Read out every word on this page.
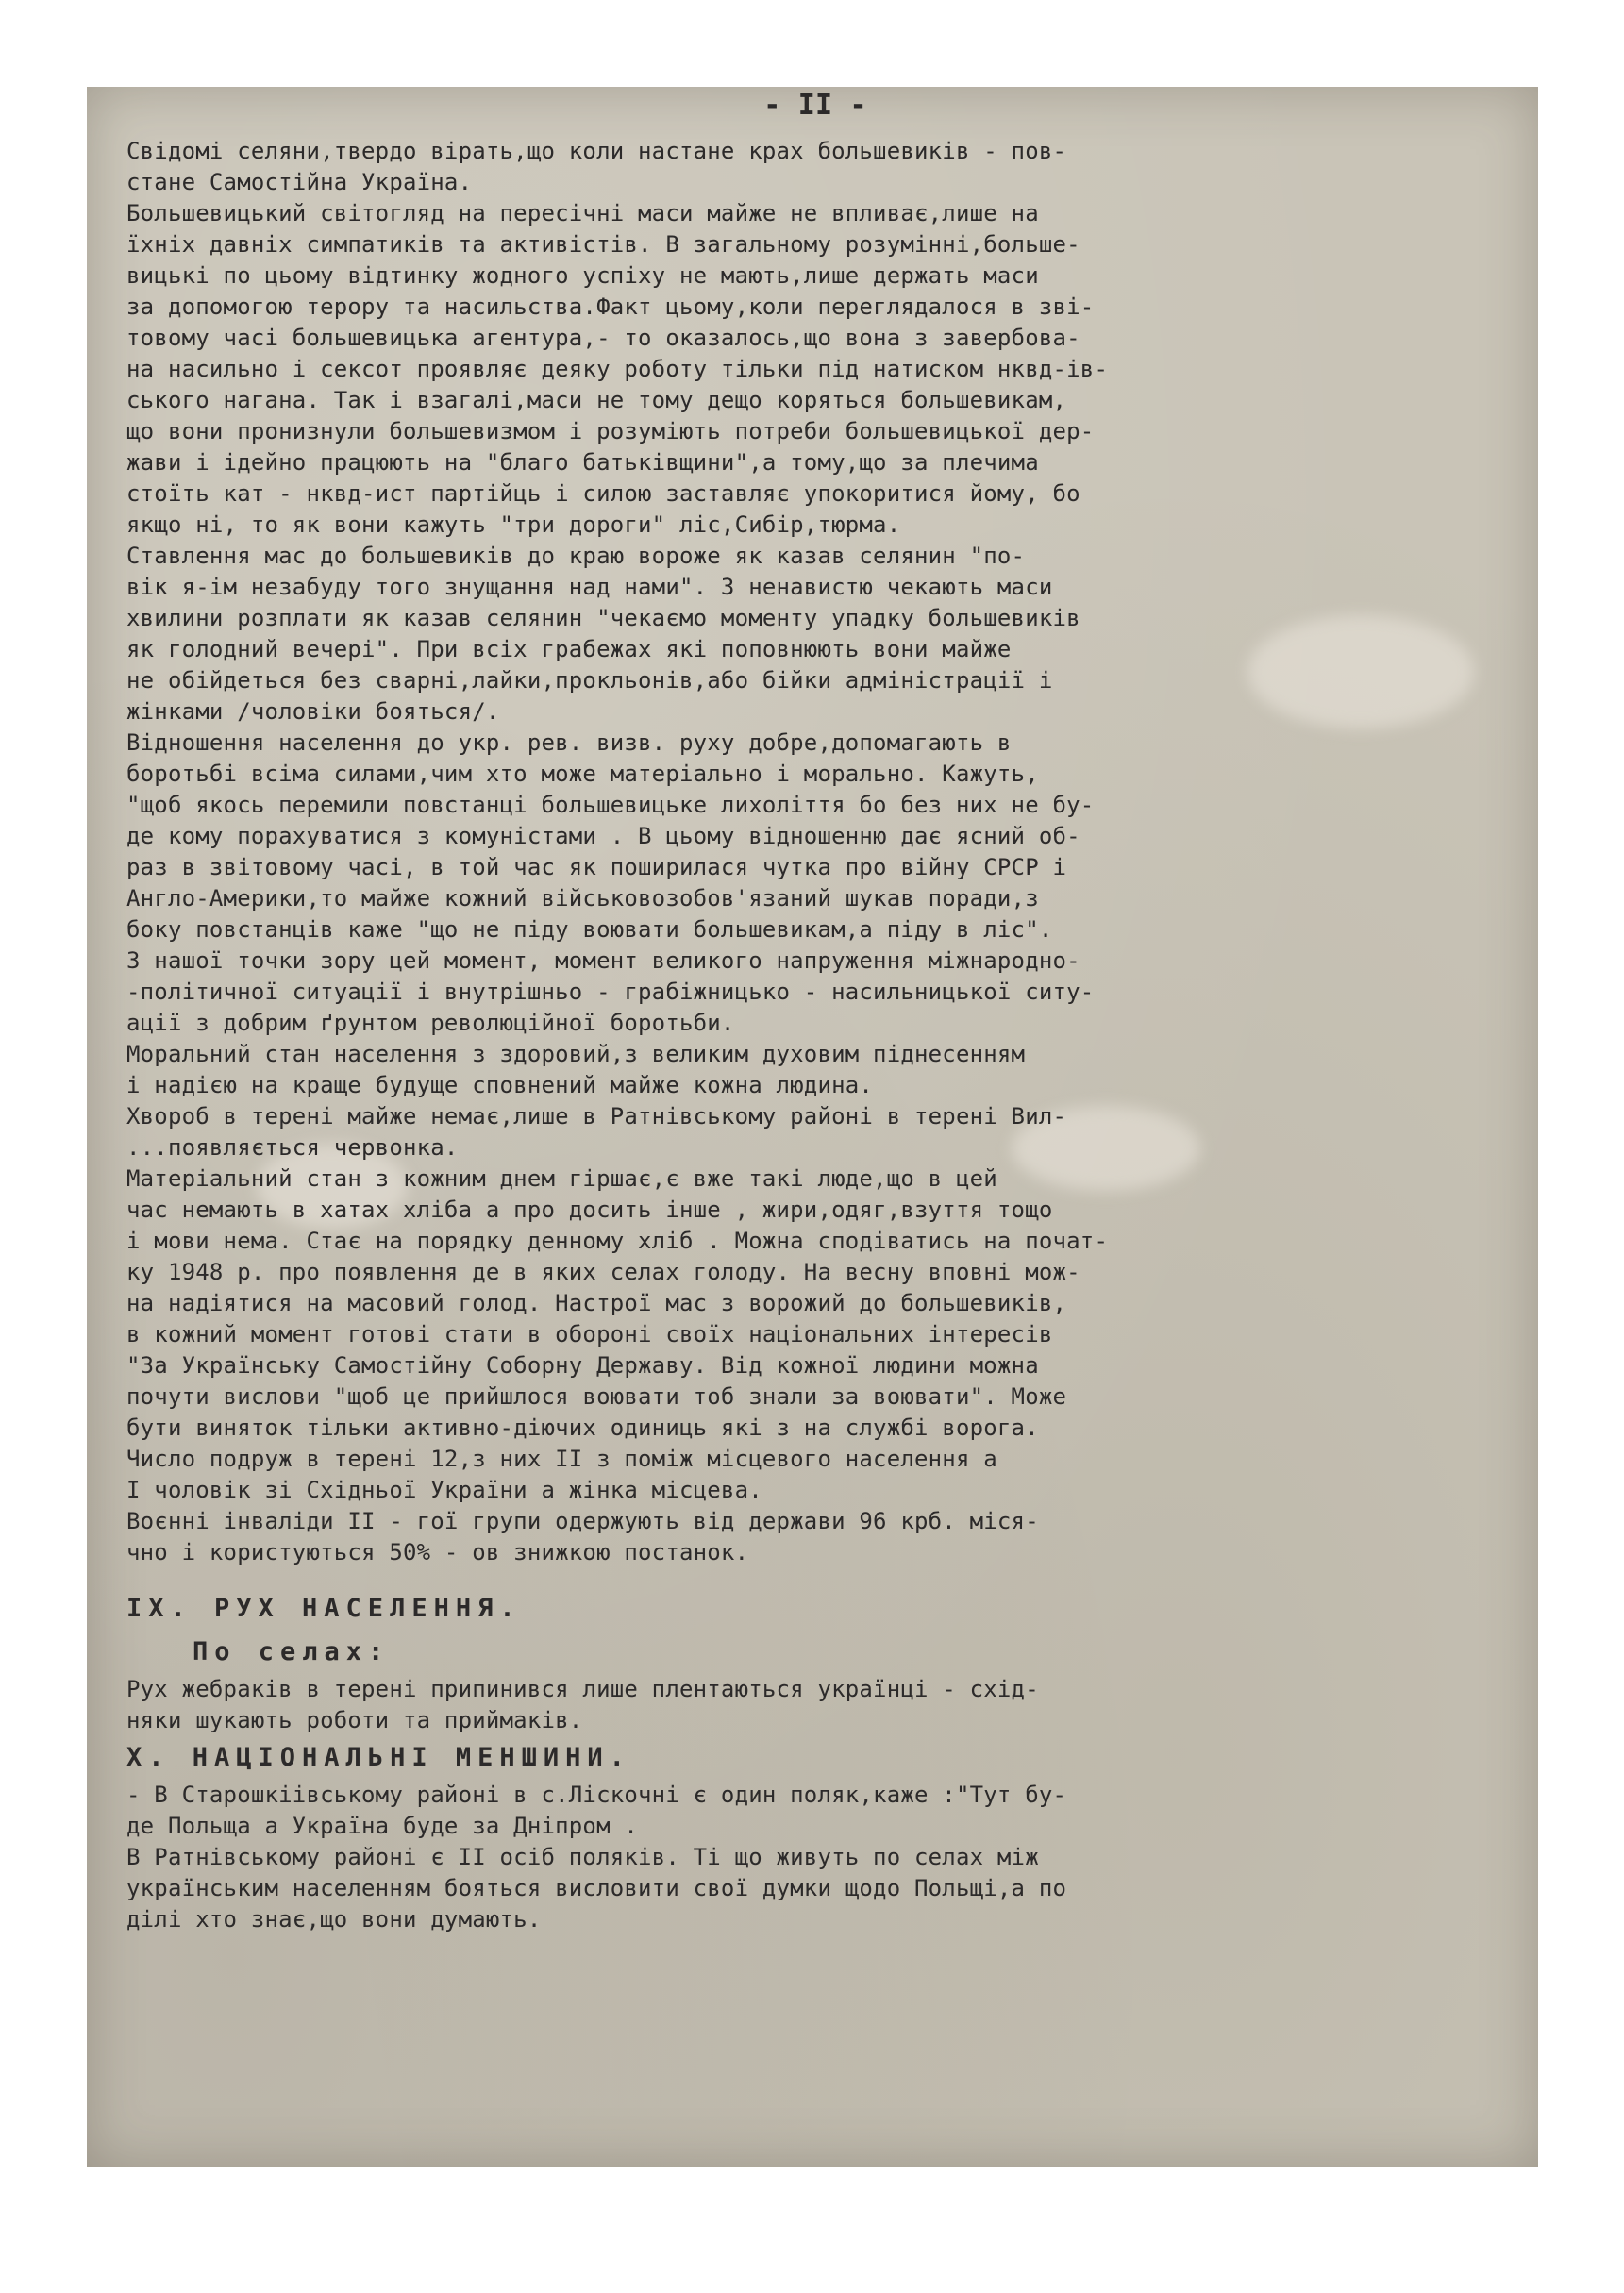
- II -
Свідомі селяни,твердо вірать,що коли настане крах большевиків - пов-
стане Самостійна Україна.
Большевицький світогляд на пересічні маси майже не впливає,лише на
їхніх давніх симпатиків та активістів. В загальному розумінні,больше-
вицькі по цьому відтинку жодного успіху не мають,лише держать маси
за допомогою терору та насильства.Факт цьому,коли переглядалося в зві-
товому часі большевицька агентура,- то оказалось,що вона з завербова-
на насильно і сексот проявляє деяку роботу тільки під натиском нквд-ів-
ського нагана. Так і взагалі,маси не тому дещо коряться большевикам,
що вони пронизнули большевизмом і розуміють потреби большевицької дер-
жави і ідейно працюють на "благо батьківщини",а тому,що за плечима
стоїть кат - нквд-ист партійць і силою заставляє упокоритися йому, бо
якщо ні, то як вони кажуть "три дороги" ліс,Сибір,тюрма.
Ставлення мас до большевиків до краю вороже як казав селянин "по-
вік я-ім незабуду того знущання над нами". З ненавистю чекають маси
хвилини розплати як казав селянин "чекаємо моменту упадку большевиків
як голодний вечері". При всіх грабежах які поповнюють вони майже
не обійдеться без сварні,лайки,прокльонів,або бійки адміністрації і
жінками /чоловіки бояться/.
Відношення населення до укр. рев. визв. руху добре,допомагають в
боротьбі всіма силами,чим хто може матеріально і морально. Кажуть,
"щоб якось перемили повстанці большевицьке лихоліття бо без них не бу-
де кому порахуватися з комуністами . В цьому відношенню дає ясний об-
раз в звітовому часі, в той час як поширилася чутка про війну СРСР і
Англо-Америки,то майже кожний військовозобов'язаний шукав поради,з
боку повстанців каже "що не піду воювати большевикам,а піду в ліс".
З нашої точки зору цей момент, момент великого напруження міжнародно-
-політичної ситуації і внутрішньо - грабіжницько - насильницької ситу-
ації з добрим ґрунтом революційної боротьби.
Моральний стан населення з здоровий,з великим духовим піднесенням
і надією на краще будуще сповнений майже кожна людина.
Хвороб в терені майже немає,лише в Ратнівському районі в терені Вил-
...появляється червонка.
Матеріальний стан з кожним днем гіршає,є вже такі люде,що в цей
час немають в хатах хліба а про досить інше , жири,одяг,взуття тощо
і мови нема. Стає на порядку денному хліб . Можна сподіватись на почат-
ку 1948 р. про появлення де в яких селах голоду. На весну вповні мож-
на надіятися на масовий голод. Настрої мас з ворожий до большевиків,
в кожний момент готові стати в обороні своїх національних інтересів
"За Українську Самостійну Соборну Державу. Від кожної людини можна
почути вислови "щоб це прийшлося воювати тоб знали за воювати". Може
бути виняток тільки активно-діючих одиниць які з на службі ворога.
Число подруж в терені 12,з них II з поміж місцевого населення а
I чоловік зі Східньої України а жінка місцева.
Воєнні інваліди II - гої групи одержують від держави 96 крб. міся-
чно і користуються 50% - ов знижкою постанок.
IX. РУХ НАСЕЛЕННЯ.
По селах:
Рух жебраків в терені припинився лише плентаються українці - схід-
няки шукають роботи та приймаків.
X. НАЦІОНАЛЬНІ МЕНШИНИ.
- В Старошкіівському районі в с.Ліскочні є один поляк,каже :"Тут бу-
де Польща а Україна буде за Дніпром .
В Ратнівському районі є II осіб поляків. Ті що живуть по селах між
українським населенням бояться висловити свої думки щодо Польщі,а по
ділі хто знає,що вони думають.
